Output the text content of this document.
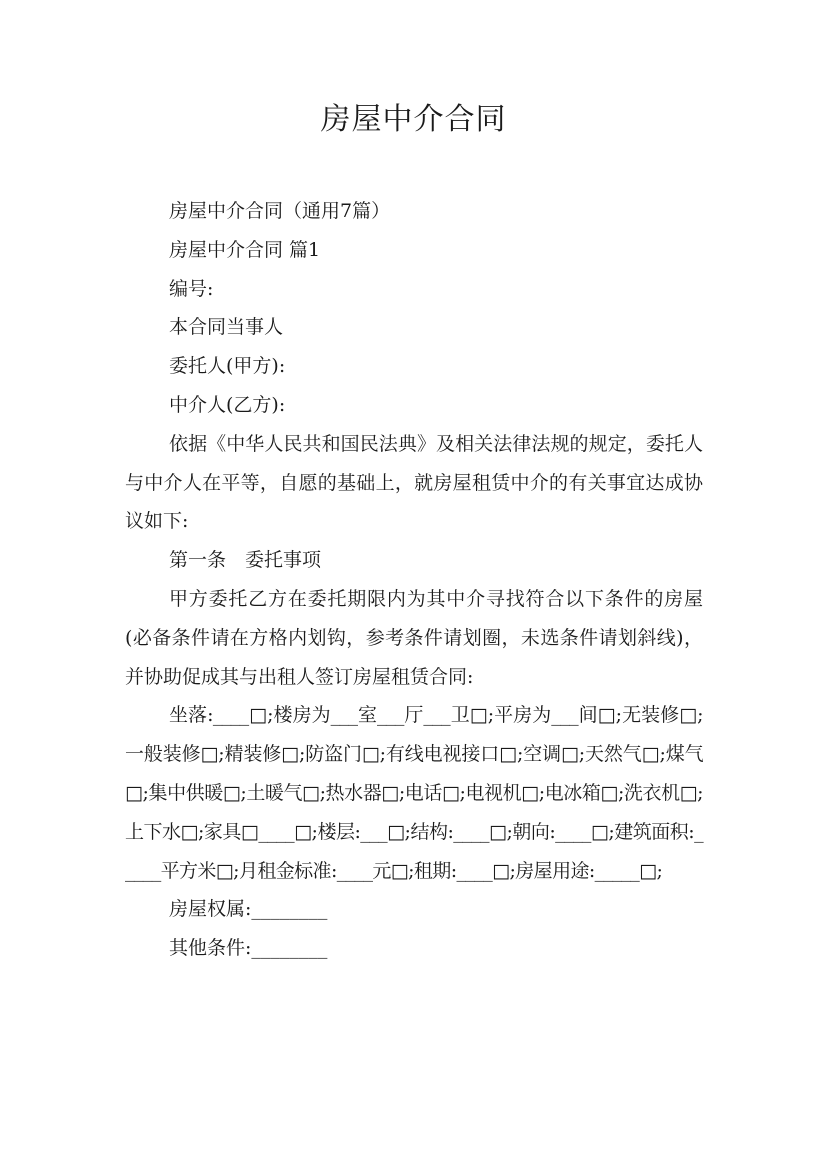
房屋中介合同

房屋中介合同（通用7篇）

房屋中介合同 篇1

编号:

本合同当事人

委托人(甲方):

中介人(乙方):

依据《中华人民共和国民法典》及相关法律法规的规定，委托人与中介人在平等，自愿的基础上，就房屋租赁中介的有关事宜达成协议如下:

第一条　委托事项

甲方委托乙方在委托期限内为其中介寻找符合以下条件的房屋(必备条件请在方格内划钩，参考条件请划圈，未选条件请划斜线)，并协助促成其与出租人签订房屋租赁合同:

坐落:____□;楼房为___室___厅___卫□;平房为___间□;无装修□;一般装修□;精装修□;防盗门□;有线电视接口□;空调□;天然气□;煤气□;集中供暖□;土暖气□;热水器□;电话□;电视机□;电冰箱□;洗衣机□;上下水□;家具□____□;楼层:___□;结构:____□;朝向:____□;建筑面积:_____平方米□;月租金标准:____元□;租期:____□;房屋用途:_____□;

房屋权属:________

其他条件:________
